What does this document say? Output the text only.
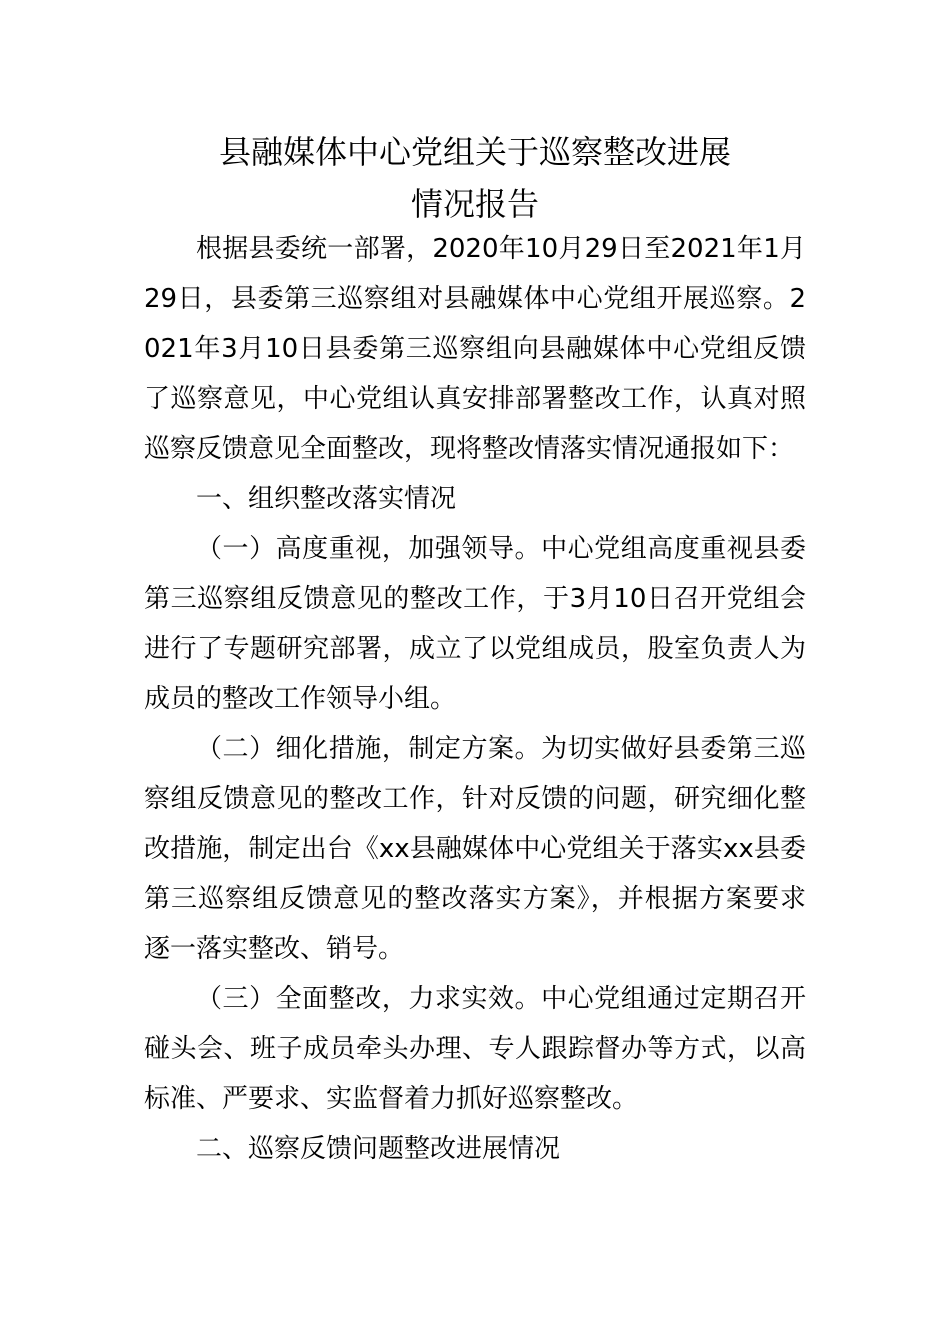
县融媒体中心党组关于巡察整改进展
情况报告

根据县委统一部署，2020年10月29日至2021年1月29日，县委第三巡察组对县融媒体中心党组开展巡察。2021年3月10日县委第三巡察组向县融媒体中心党组反馈了巡察意见，中心党组认真安排部署整改工作，认真对照巡察反馈意见全面整改，现将整改情落实情况通报如下：

一、组织整改落实情况

（一）高度重视，加强领导。中心党组高度重视县委第三巡察组反馈意见的整改工作，于3月10日召开党组会进行了专题研究部署，成立了以党组成员，股室负责人为成员的整改工作领导小组。

（二）细化措施，制定方案。为切实做好县委第三巡察组反馈意见的整改工作，针对反馈的问题，研究细化整改措施，制定出台《xx县融媒体中心党组关于落实xx县委第三巡察组反馈意见的整改落实方案》，并根据方案要求逐一落实整改、销号。

（三）全面整改，力求实效。中心党组通过定期召开碰头会、班子成员牵头办理、专人跟踪督办等方式，以高标准、严要求、实监督着力抓好巡察整改。

二、巡察反馈问题整改进展情况
